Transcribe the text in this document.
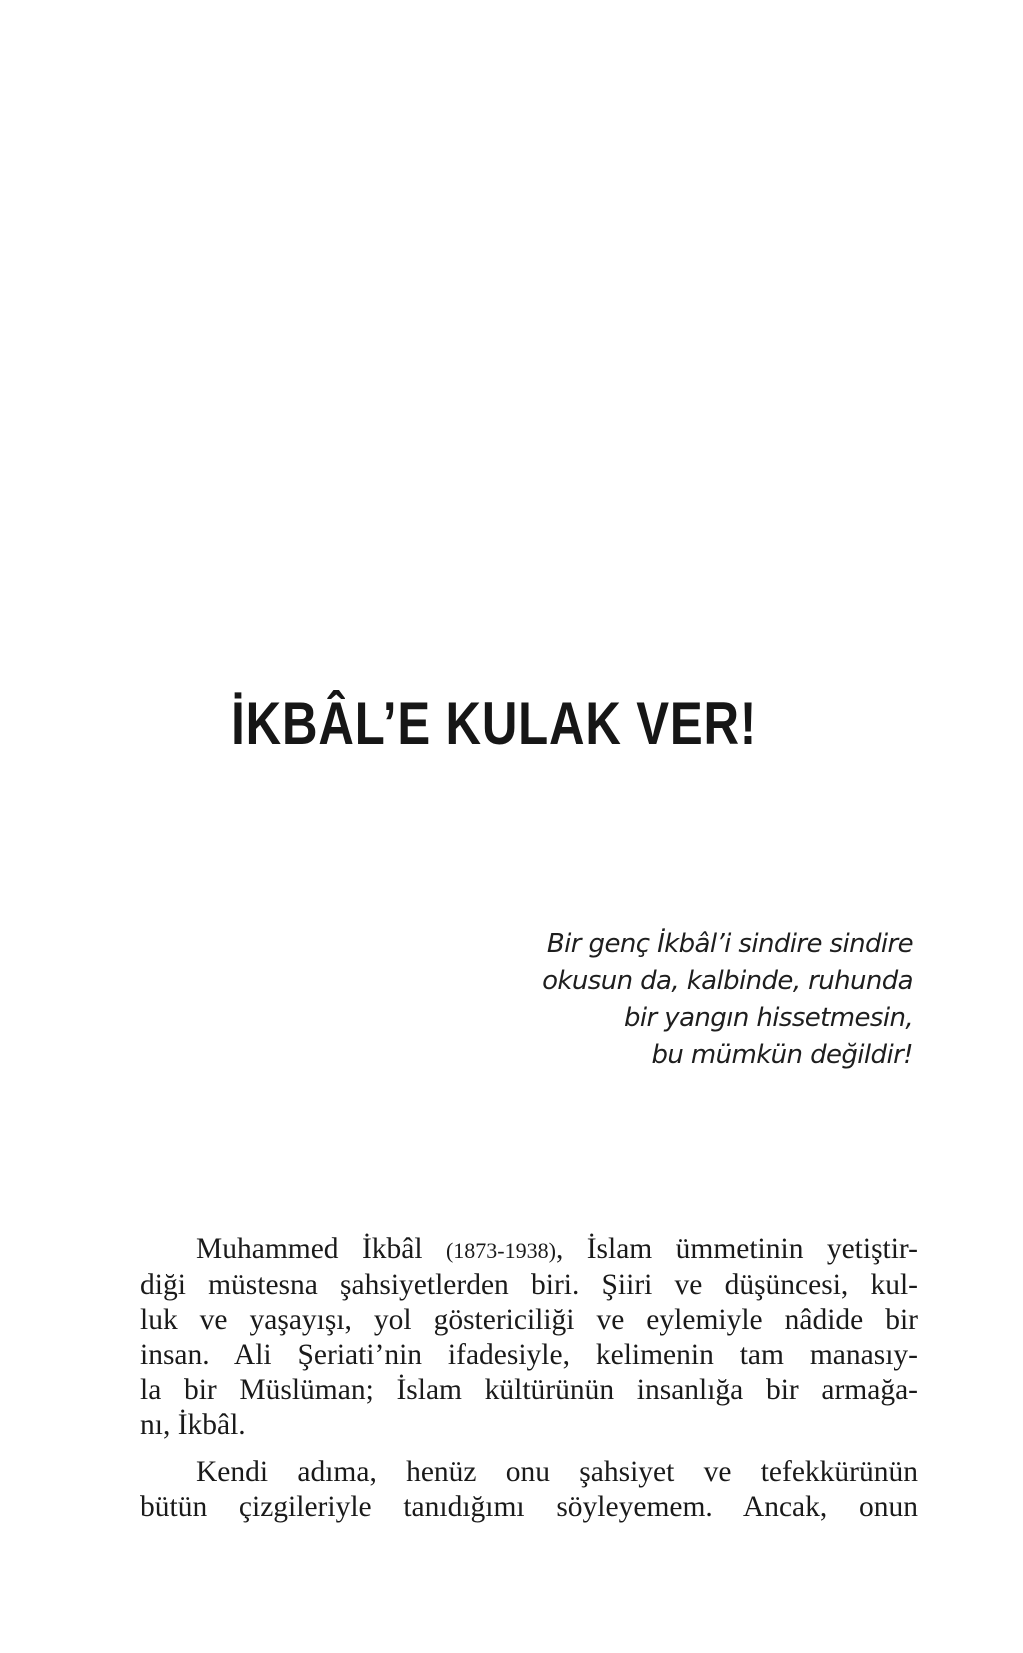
İKBÂL’E KULAK VER!
Bir genç İkbâl’i sindire sindire
okusun da, kalbinde, ruhunda
bir yangın hissetmesin,
bu mümkün değildir!

Muhammed İkbâl (1873-1938), İslam ümmetinin yetiştir-
diği müstesna şahsiyetlerden biri. Şiiri ve düşüncesi, kul-
luk ve yaşayışı, yol göstericiliği ve eylemiyle nâdide bir
insan. Ali Şeriati’nin ifadesiyle, kelimenin tam manasıy-
la bir Müslüman; İslam kültürünün insanlığa bir armağa-
nı, İkbâl.

Kendi adıma, henüz onu şahsiyet ve tefekkürünün
bütün çizgileriyle tanıdığımı söyleyemem. Ancak, onun
